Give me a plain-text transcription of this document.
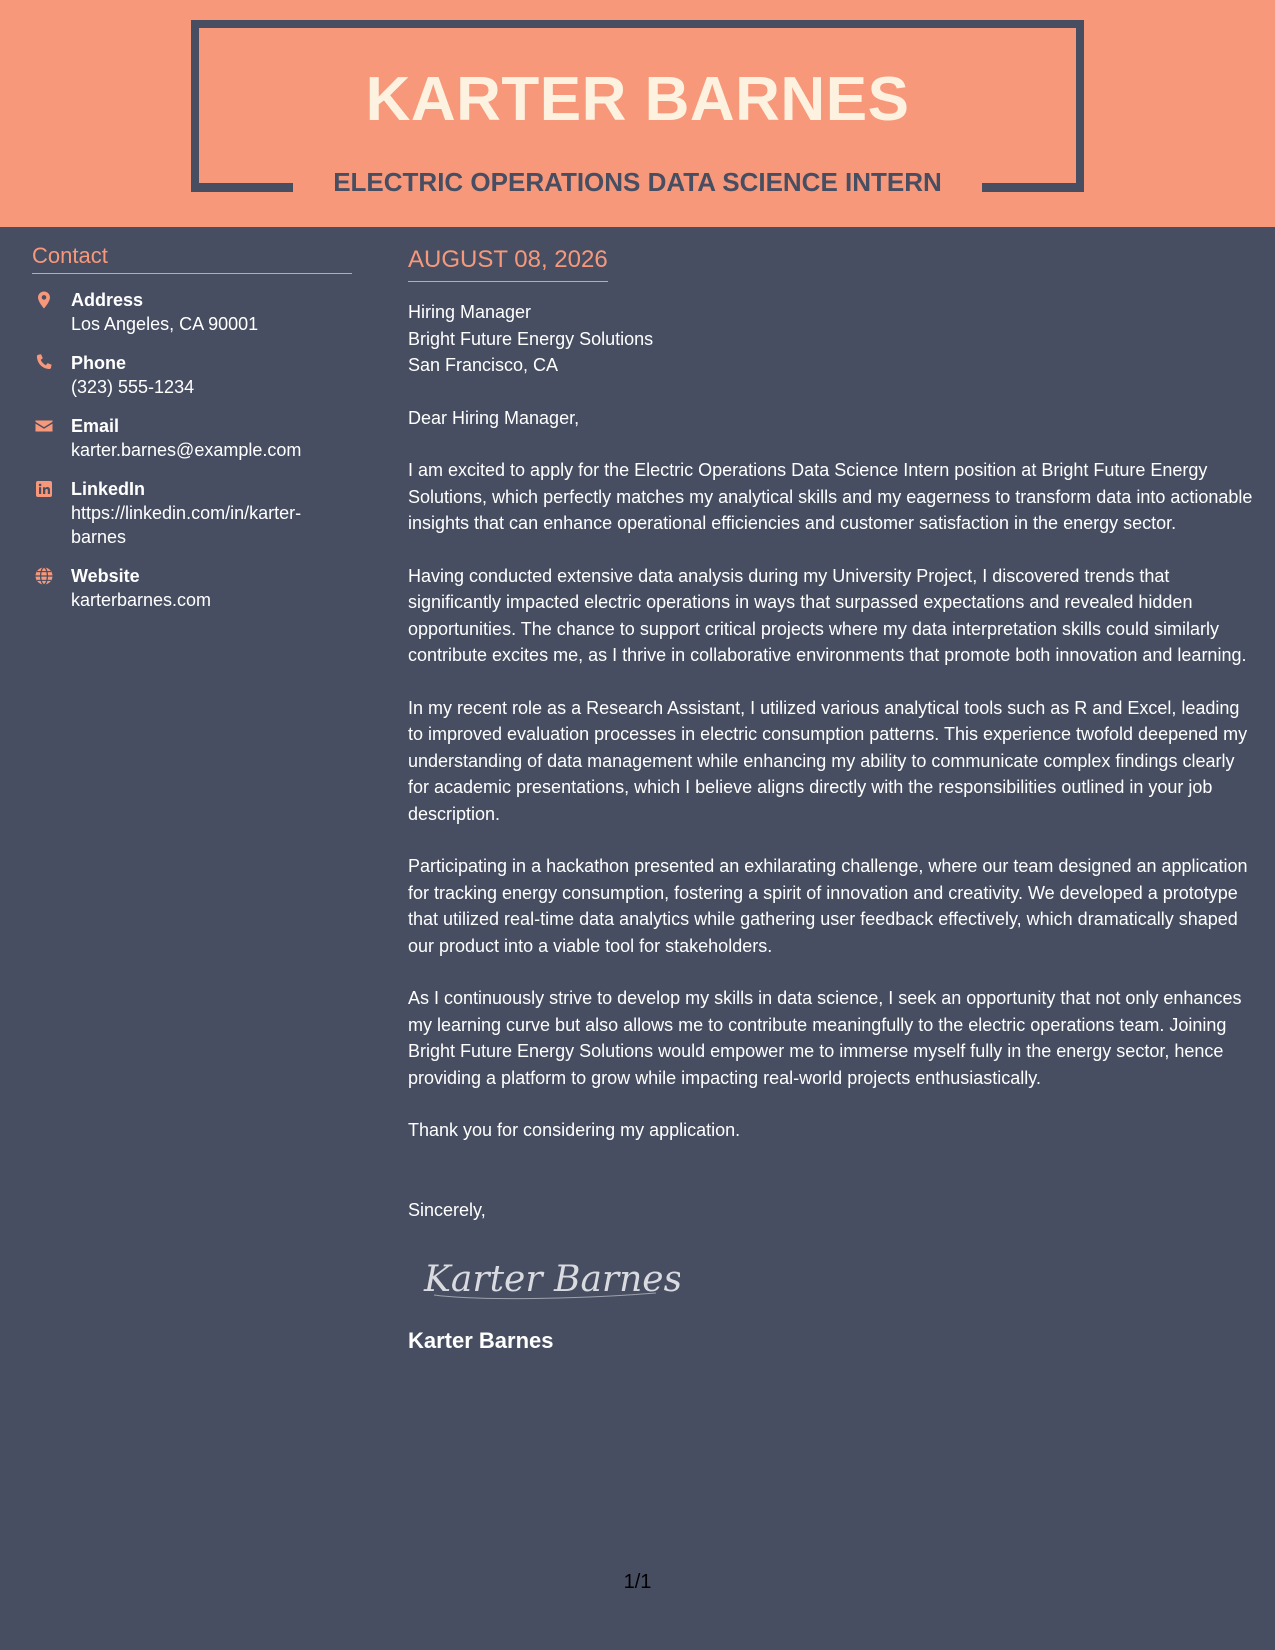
KARTER BARNES
ELECTRIC OPERATIONS DATA SCIENCE INTERN
Contact
Address
Los Angeles, CA 90001
Phone
(323) 555-1234
Email
karter.barnes@example.com
LinkedIn
https://linkedin.com/in/karter-barnes
Website
karterbarnes.com
AUGUST 08, 2026
Hiring Manager
Bright Future Energy Solutions
San Francisco, CA

Dear Hiring Manager,

I am excited to apply for the Electric Operations Data Science Intern position at Bright Future Energy Solutions, which perfectly matches my analytical skills and my eagerness to transform data into actionable insights that can enhance operational efficiencies and customer satisfaction in the energy sector.

Having conducted extensive data analysis during my University Project, I discovered trends that significantly impacted electric operations in ways that surpassed expectations and revealed hidden opportunities. The chance to support critical projects where my data interpretation skills could similarly contribute excites me, as I thrive in collaborative environments that promote both innovation and learning.

In my recent role as a Research Assistant, I utilized various analytical tools such as R and Excel, leading to improved evaluation processes in electric consumption patterns. This experience twofold deepened my understanding of data management while enhancing my ability to communicate complex findings clearly for academic presentations, which I believe aligns directly with the responsibilities outlined in your job description.

Participating in a hackathon presented an exhilarating challenge, where our team designed an application for tracking energy consumption, fostering a spirit of innovation and creativity. We developed a prototype that utilized real-time data analytics while gathering user feedback effectively, which dramatically shaped our product into a viable tool for stakeholders.

As I continuously strive to develop my skills in data science, I seek an opportunity that not only enhances my learning curve but also allows me to contribute meaningfully to the electric operations team. Joining Bright Future Energy Solutions would empower me to immerse myself fully in the energy sector, hence providing a platform to grow while impacting real-world projects enthusiastically.

Thank you for considering my application.

Sincerely,

Karter Barnes
Karter Barnes
1/1
